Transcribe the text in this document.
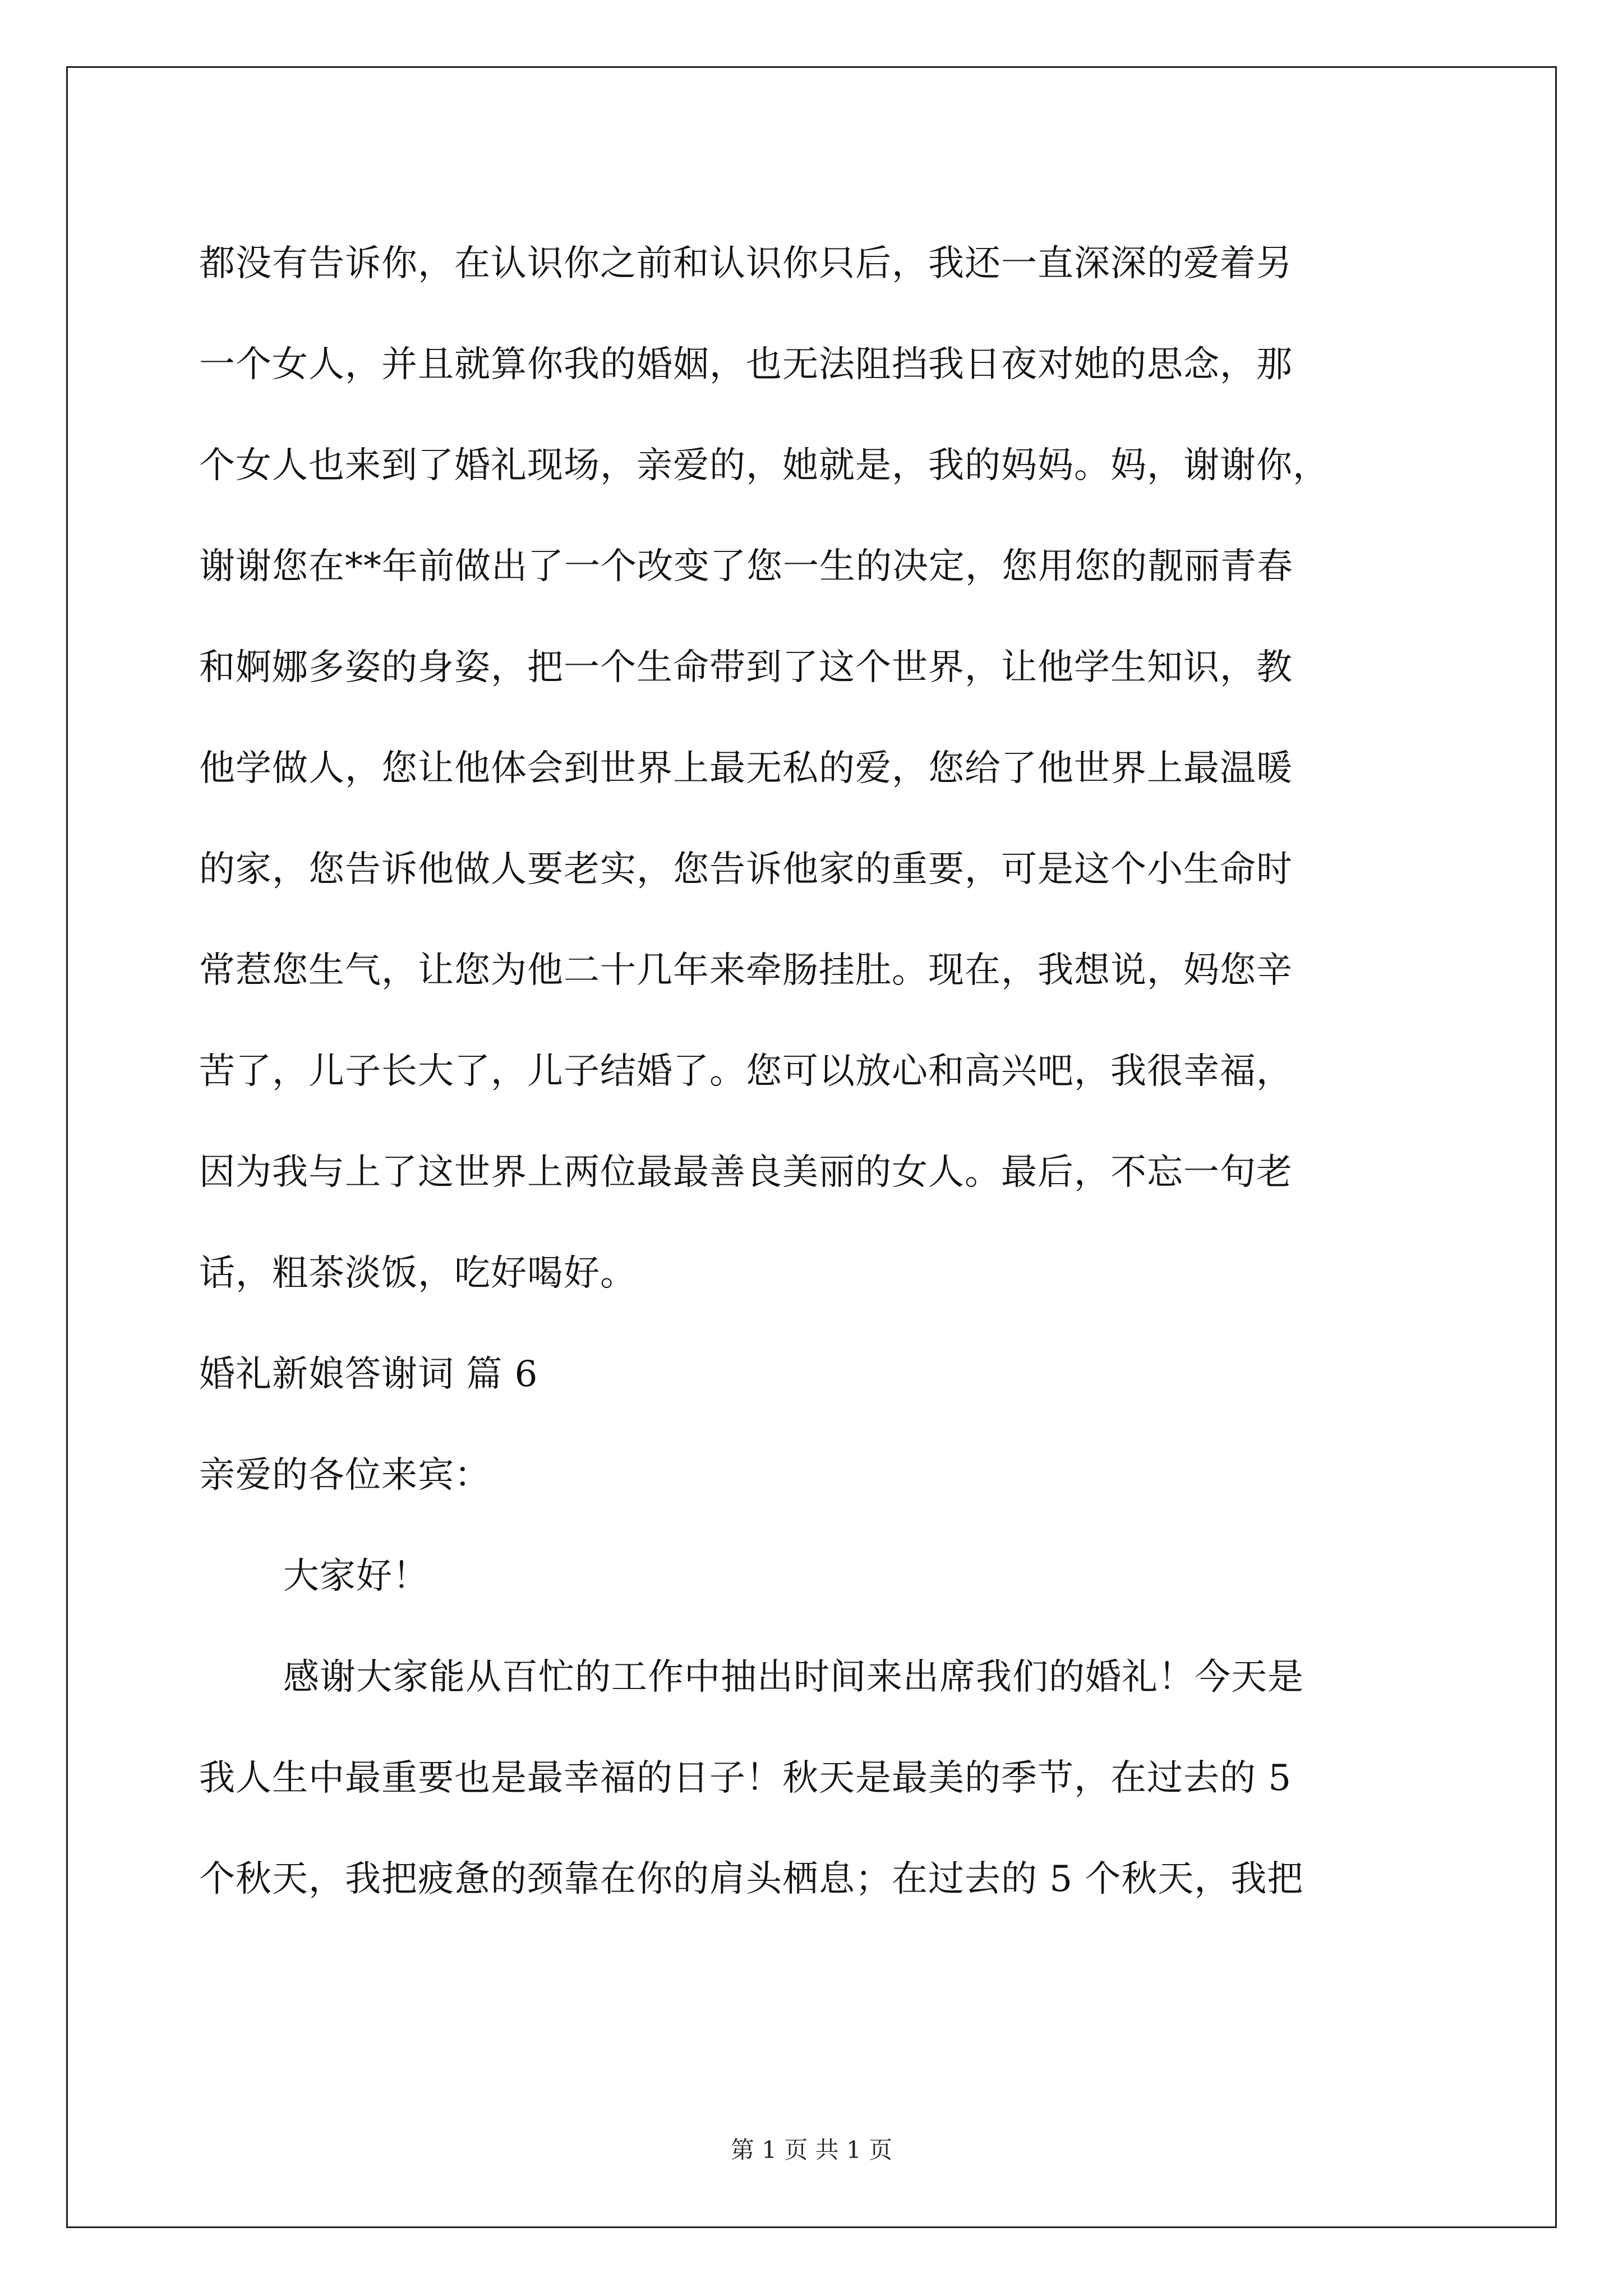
都没有告诉你，在认识你之前和认识你只后，我还一直深深的爱着另
一个女人，并且就算你我的婚姻，也无法阻挡我日夜对她的思念，那
个女人也来到了婚礼现场，亲爱的，她就是，我的妈妈。妈，谢谢你，
谢谢您在**年前做出了一个改变了您一生的决定，您用您的靓丽青春
和婀娜多姿的身姿，把一个生命带到了这个世界，让他学生知识，教
他学做人，您让他体会到世界上最无私的爱，您给了他世界上最温暖
的家，您告诉他做人要老实，您告诉他家的重要，可是这个小生命时
常惹您生气，让您为他二十几年来牵肠挂肚。现在，我想说，妈您辛
苦了，儿子长大了，儿子结婚了。您可以放心和高兴吧，我很幸福，
因为我与上了这世界上两位最最善良美丽的女人。最后，不忘一句老
话，粗茶淡饭，吃好喝好。
婚礼新娘答谢词 篇 6
亲爱的各位来宾：
大家好！
感谢大家能从百忙的工作中抽出时间来出席我们的婚礼！今天是
我人生中最重要也是最幸福的日子！秋天是最美的季节，在过去的 5
个秋天，我把疲惫的颈靠在你的肩头栖息；在过去的 5 个秋天，我把
第 1 页 共 1 页
